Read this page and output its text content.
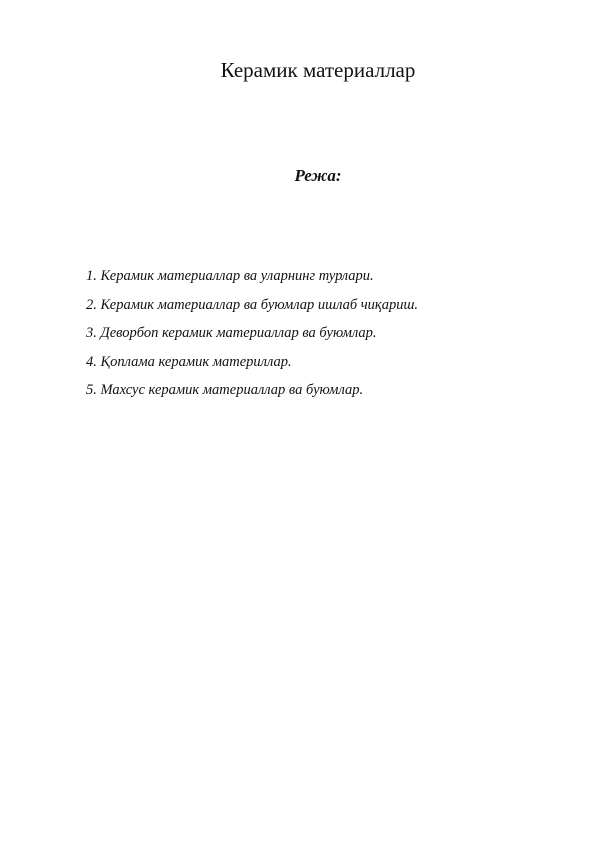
Керамик материаллар
Режа:
1. Керамик материаллар ва уларнинг турлари.
2. Керамик материаллар ва буюмлар ишлаб чиқариш.
3. Деворбоп керамик материаллар ва буюмлар.
4. Қоплама керамик материллар.
5. Махсус керамик материаллар ва буюмлар.
